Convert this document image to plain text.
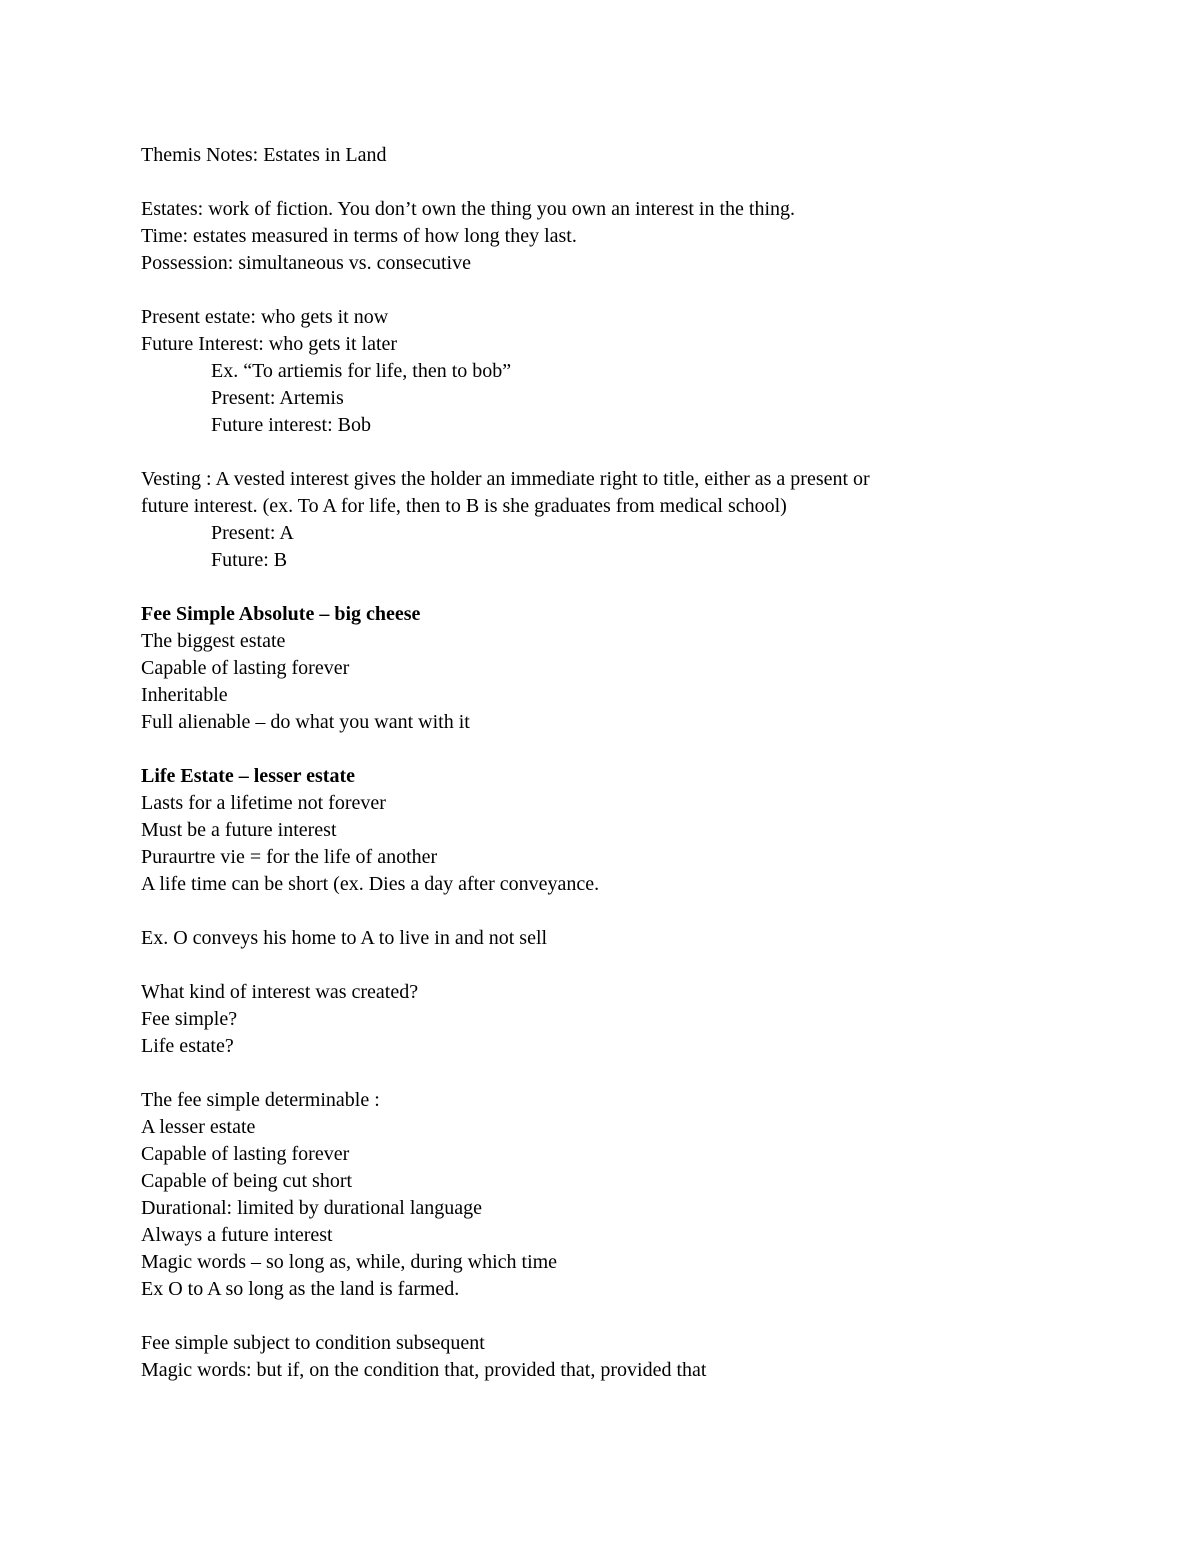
Themis Notes: Estates in Land

Estates: work of fiction. You don’t own the thing you own an interest in the thing.

Time: estates measured in terms of how long they last.

Possession: simultaneous vs. consecutive

Present estate: who gets it now

Future Interest: who gets it later

Ex. “To artiemis for life, then to bob”

Present: Artemis

Future interest: Bob

Vesting : A vested interest gives the holder an immediate right to title, either as a present or

future interest. (ex. To A for life, then to B is she graduates from medical school)

Present: A

Future: B

Fee Simple Absolute – big cheese

The biggest estate

Capable of lasting forever

Inheritable

Full alienable – do what you want with it

Life Estate – lesser estate

Lasts for a lifetime not forever

Must be a future interest

Puraurtre vie = for the life of another

A life time can be short (ex. Dies a day after conveyance.

Ex. O conveys his home to A to live in and not sell

What kind of interest was created?

Fee simple?

Life estate?

The fee simple determinable :

A lesser estate

Capable of lasting forever

Capable of being cut short

Durational: limited by durational language

Always a future interest

Magic words – so long as, while, during which time

Ex O to A so long as the land is farmed.

Fee simple subject to condition subsequent

Magic words: but if, on the condition that, provided that, provided that
